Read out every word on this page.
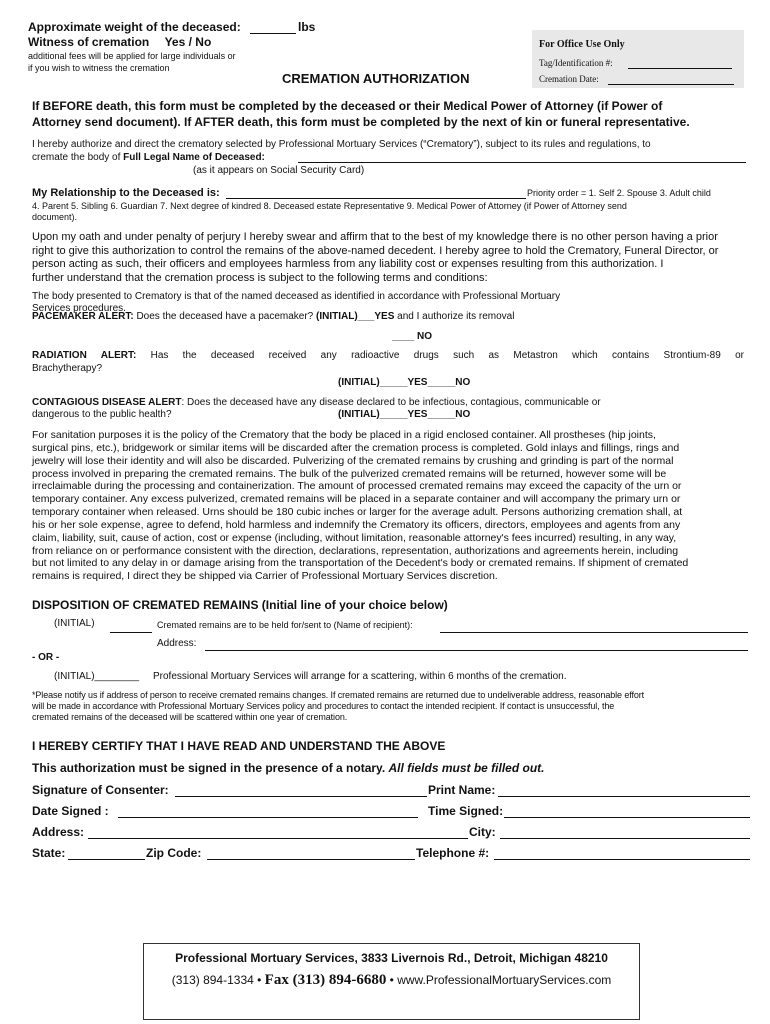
Approximate weight of the deceased:	lbs
Witness of cremation Yes / No
additional fees will be applied for large individuals or
if you wish to witness the cremation
CREMATION AUTHORIZATION
For Office Use Only
Tag/Identification #:
Cremation Date:
If BEFORE death, this form must be completed by the deceased or their Medical Power of Attorney (if Power of
Attorney send document). If AFTER death, this form must be completed by the next of kin or funeral representative.
I hereby authorize and direct the crematory selected by Professional Mortuary Services (“Crematory”), subject to its rules and regulations, to
cremate the body of Full Legal Name of Deceased:
(as it appears on Social Security Card)
My Relationship to the Deceased is:	Priority order = 1. Self 2. Spouse 3. Adult child
4. Parent 5. Sibling 6. Guardian 7. Next degree of kindred 8. Deceased estate Representative 9. Medical Power of Attorney (if Power of Attorney send
document).
Upon my oath and under penalty of perjury I hereby swear and affirm that to the best of my knowledge there is no other person having a prior
right to give this authorization to control the remains of the above-named decedent. I hereby agree to hold the Crematory, Funeral Director, or
person acting as such, their officers and employees harmless from any liability cost or expenses resulting from this authorization. I
further understand that the cremation process is subject to the following terms and conditions:
The body presented to Crematory is that of the named deceased as identified in accordance with Professional Mortuary
Services procedures.
PACEMAKER ALERT: Does the deceased have a pacemaker? (INITIAL)___YES and I authorize its removal
____ NO
RADIATION ALERT: Has the deceased received any radioactive drugs such as Metastron which contains Strontium-89 or
Brachytherapy?
(INITIAL)_____YES_____NO
CONTAGIOUS DISEASE ALERT: Does the deceased have any disease declared to be infectious, contagious, communicable or
dangerous to the public health?	(INITIAL)_____YES_____NO
For sanitation purposes it is the policy of the Crematory that the body be placed in a rigid enclosed container. All prostheses (hip joints,
surgical pins, etc.), bridgework or similar items will be discarded after the cremation process is completed. Gold inlays and fillings, rings and
jewelry will lose their identity and will also be discarded. Pulverizing of the cremated remains by crushing and grinding is part of the normal
process involved in preparing the cremated remains. The bulk of the pulverized cremated remains will be returned, however some will be
irreclaimable during the processing and containerization. The amount of processed cremated remains may exceed the capacity of the urn or
temporary container. Any excess pulverized, cremated remains will be placed in a separate container and will accompany the primary urn or
temporary container when released. Urns should be 180 cubic inches or larger for the average adult. Persons authorizing cremation shall, at
his or her sole expense, agree to defend, hold harmless and indemnify the Crematory its officers, directors, employees and agents from any
claim, liability, suit, cause of action, cost or expense (including, without limitation, reasonable attorney's fees incurred) resulting, in any way,
from reliance on or performance consistent with the direction, declarations, representation, authorizations and agreements herein, including
but not limited to any delay in or damage arising from the transportation of the Decedent's body or cremated remains. If shipment of cremated
remains is required, I direct they be shipped via Carrier of Professional Mortuary Services discretion.
DISPOSITION OF CREMATED REMAINS (Initial line of your choice below)
(INITIAL)	Cremated remains are to be held for/sent to (Name of recipient):
Address:
- OR -
(INITIAL)________ Professional Mortuary Services will arrange for a scattering, within 6 months of the cremation.
*Please notify us if address of person to receive cremated remains changes. If cremated remains are returned due to undeliverable address, reasonable effort
will be made in accordance with Professional Mortuary Services policy and procedures to contact the intended recipient. If contact is unsuccessful, the
cremated remains of the deceased will be scattered within one year of cremation.
I HEREBY CERTIFY THAT I HAVE READ AND UNDERSTAND THE ABOVE
This authorization must be signed in the presence of a notary. All fields must be filled out.
Signature of Consenter:	Print Name:
Date Signed :	Time Signed:
Address:	City:
State:	Zip Code:	Telephone #:
Professional Mortuary Services, 3833 Livernois Rd., Detroit, Michigan 48210
(313) 894-1334 • Fax (313) 894-6680 • www.ProfessionalMortuaryServices.com
